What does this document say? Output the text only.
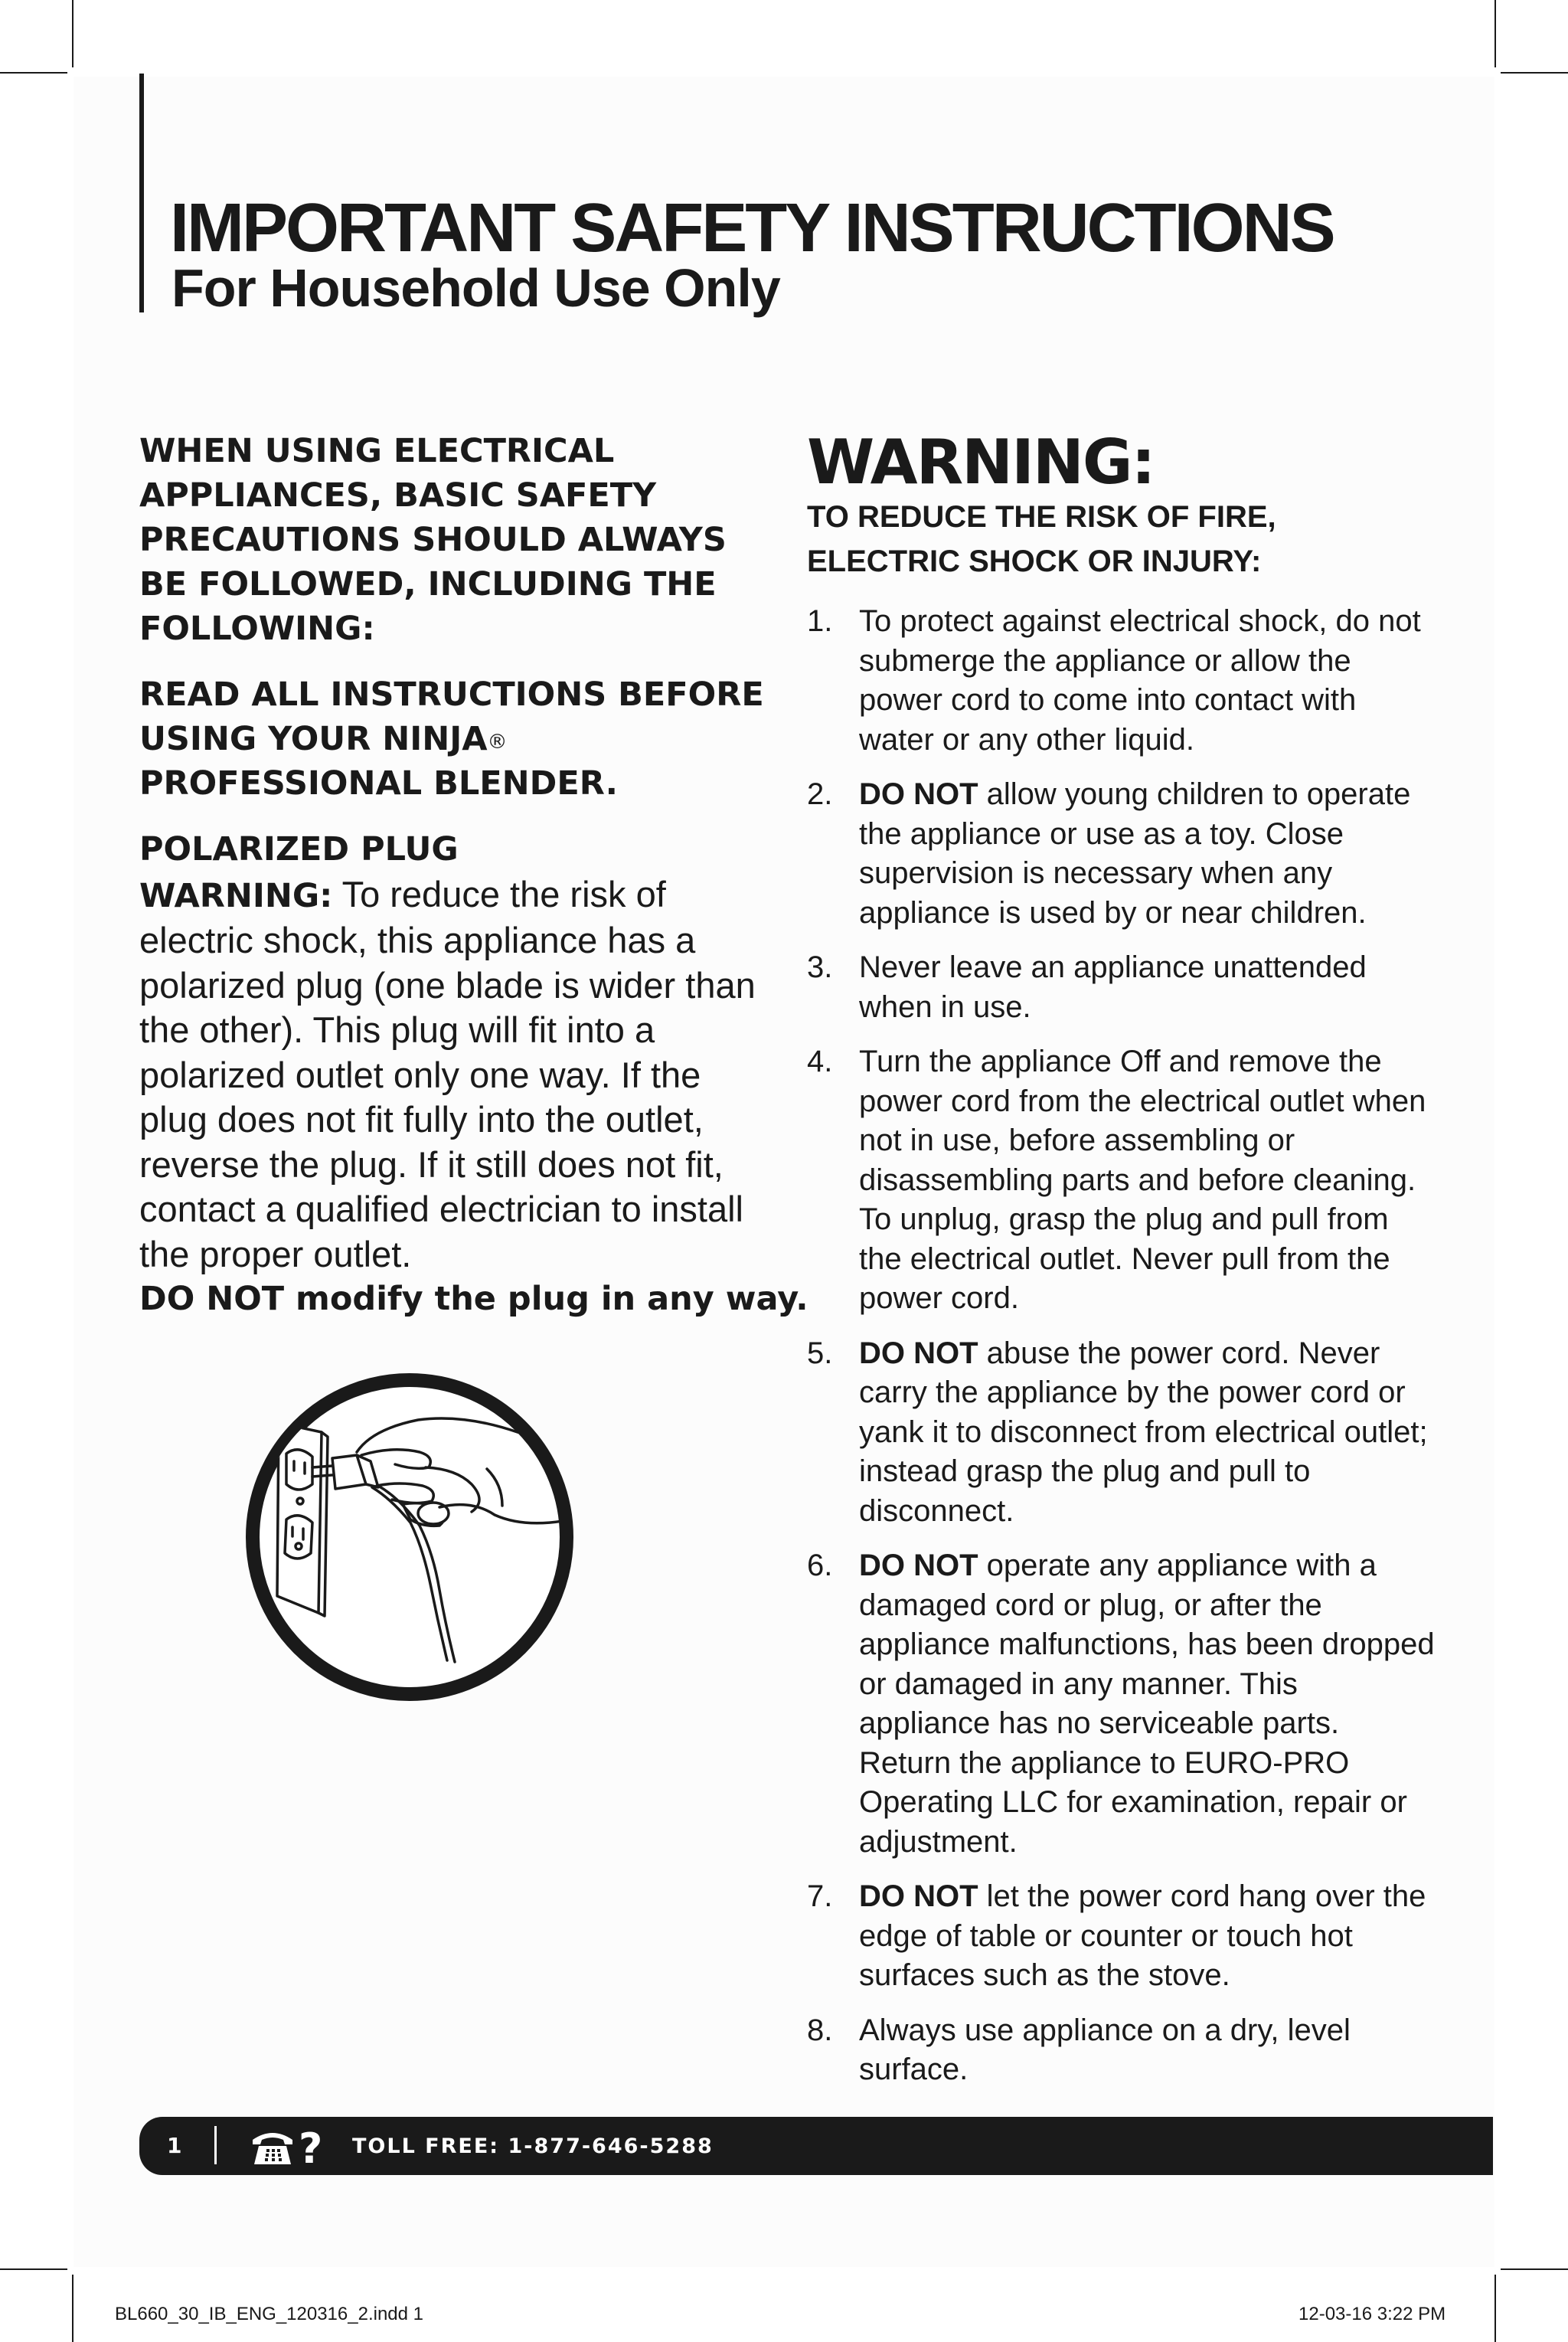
IMPORTANT SAFETY INSTRUCTIONS
For Household Use Only

WHEN USING ELECTRICAL APPLIANCES, BASIC SAFETY PRECAUTIONS SHOULD ALWAYS BE FOLLOWED, INCLUDING THE FOLLOWING:

READ ALL INSTRUCTIONS BEFORE USING YOUR NINJA® PROFESSIONAL BLENDER.

POLARIZED PLUG
WARNING: To reduce the risk of electric shock, this appliance has a polarized plug (one blade is wider than the other). This plug will fit into a polarized outlet only one way. If the plug does not fit fully into the outlet, reverse the plug. If it still does not fit, contact a qualified electrician to install the proper outlet.
DO NOT modify the plug in any way.
WARNING:
TO REDUCE THE RISK OF FIRE, ELECTRIC SHOCK OR INJURY:
1. To protect against electrical shock, do not submerge the appliance or allow the power cord to come into contact with water or any other liquid.
2. DO NOT allow young children to operate the appliance or use as a toy. Close supervision is necessary when any appliance is used by or near children.
3. Never leave an appliance unattended when in use.
4. Turn the appliance Off and remove the power cord from the electrical outlet when not in use, before assembling or disassembling parts and before cleaning. To unplug, grasp the plug and pull from the electrical outlet. Never pull from the power cord.
5. DO NOT abuse the power cord. Never carry the appliance by the power cord or yank it to disconnect from electrical outlet; instead grasp the plug and pull to disconnect.
6. DO NOT operate any appliance with a damaged cord or plug, or after the appliance malfunctions, has been dropped or damaged in any manner. This appliance has no serviceable parts. Return the appliance to EURO-PRO Operating LLC for examination, repair or adjustment.
7. DO NOT let the power cord hang over the edge of table or counter or touch hot surfaces such as the stove.
8. Always use appliance on a dry, level surface.
1	? TOLL FREE: 1-877-646-5288
BL660_30_IB_ENG_120316_2.indd 1	12-03-16 3:22 PM
